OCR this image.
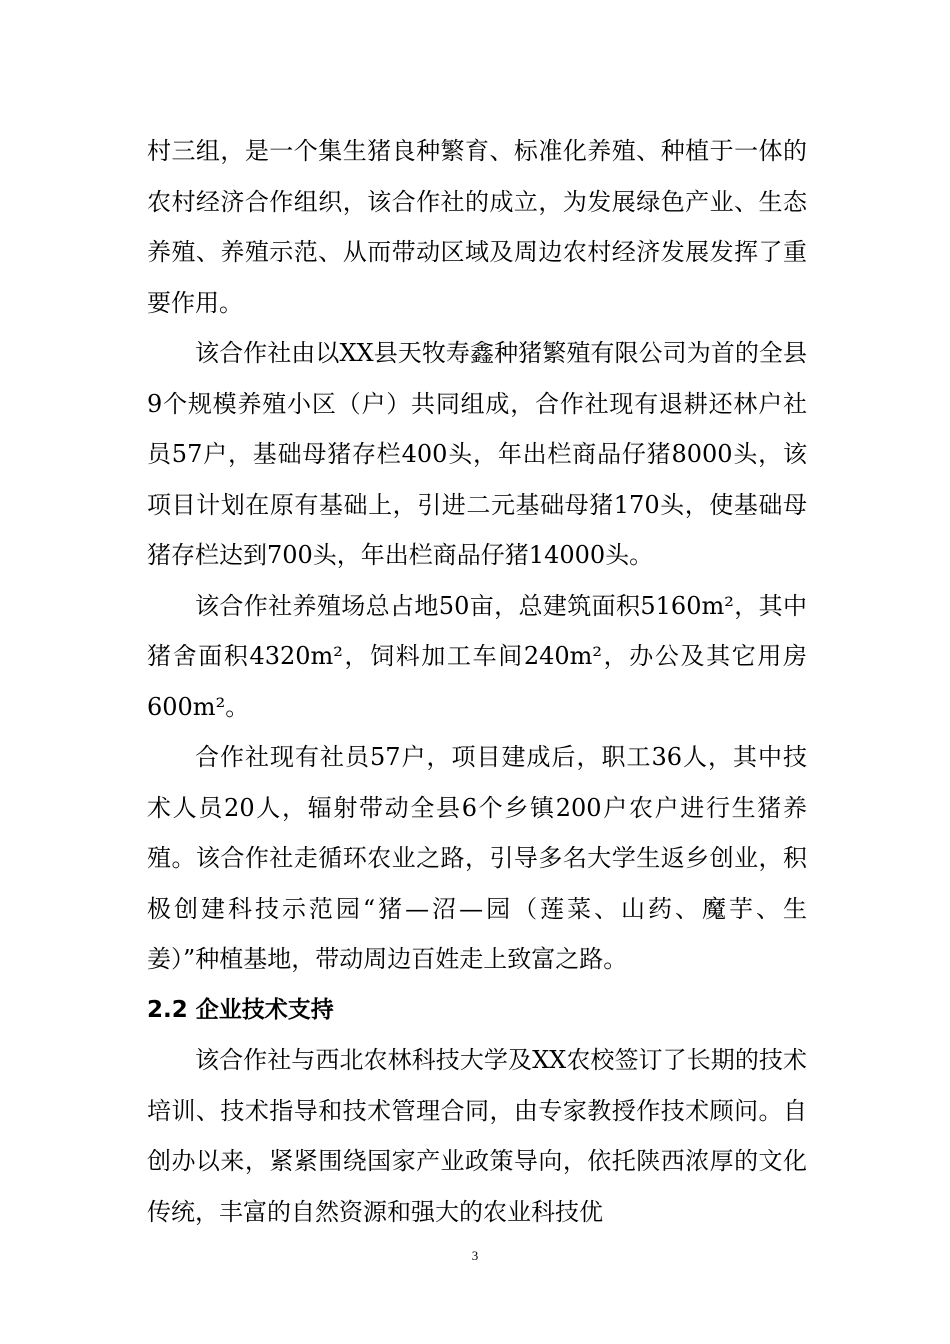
村三组，是一个集生猪良种繁育、标准化养殖、种植于一体的农村经济合作组织，该合作社的成立，为发展绿色产业、生态养殖、养殖示范、从而带动区域及周边农村经济发展发挥了重要作用。

该合作社由以XX县天牧寿鑫种猪繁殖有限公司为首的全县9个规模养殖小区（户）共同组成，合作社现有退耕还林户社员57户，基础母猪存栏400头，年出栏商品仔猪8000头，该项目计划在原有基础上，引进二元基础母猪170头，使基础母猪存栏达到700头，年出栏商品仔猪14000头。

该合作社养殖场总占地50亩，总建筑面积5160m²，其中猪舍面积4320m²，饲料加工车间240m²，办公及其它用房600m²。

合作社现有社员57户，项目建成后，职工36人，其中技术人员20人，辐射带动全县6个乡镇200户农户进行生猪养殖。该合作社走循环农业之路，引导多名大学生返乡创业，积极创建科技示范园“猪—沼—园（莲菜、山药、魔芋、生姜）”种植基地，带动周边百姓走上致富之路。

2.2 企业技术支持

该合作社与西北农林科技大学及XX农校签订了长期的技术培训、技术指导和技术管理合同，由专家教授作技术顾问。自创办以来，紧紧围绕国家产业政策导向，依托陕西浓厚的文化传统，丰富的自然资源和强大的农业科技优

3
